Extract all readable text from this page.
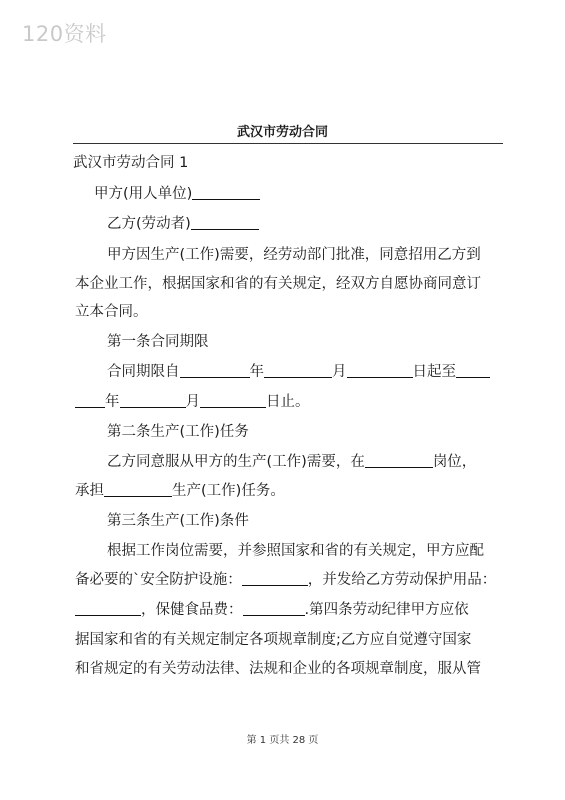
120资料
武汉市劳动合同
武汉市劳动合同 1
甲方(用人单位)
乙方(劳动者)
甲方因生产(工作)需要，经劳动部门批准，同意招用乙方到
本企业工作，根据国家和省的有关规定，经双方自愿协商同意订
立本合同。
第一条合同期限
合同期限自	年	月	日起至
年	月	日止。
第二条生产(工作)任务
乙方同意服从甲方的生产(工作)需要，在	岗位，
承担	生产(工作)任务。
第三条生产(工作)条件
根据工作岗位需要，并参照国家和省的有关规定，甲方应配
备必要的`安全防护设施：	，并发给乙方劳动保护用品：
，保健食品费：	.第四条劳动纪律甲方应依
据国家和省的有关规定制定各项规章制度;乙方应自觉遵守国家
和省规定的有关劳动法律、法规和企业的各项规章制度，服从管
第 1 页共 28 页
